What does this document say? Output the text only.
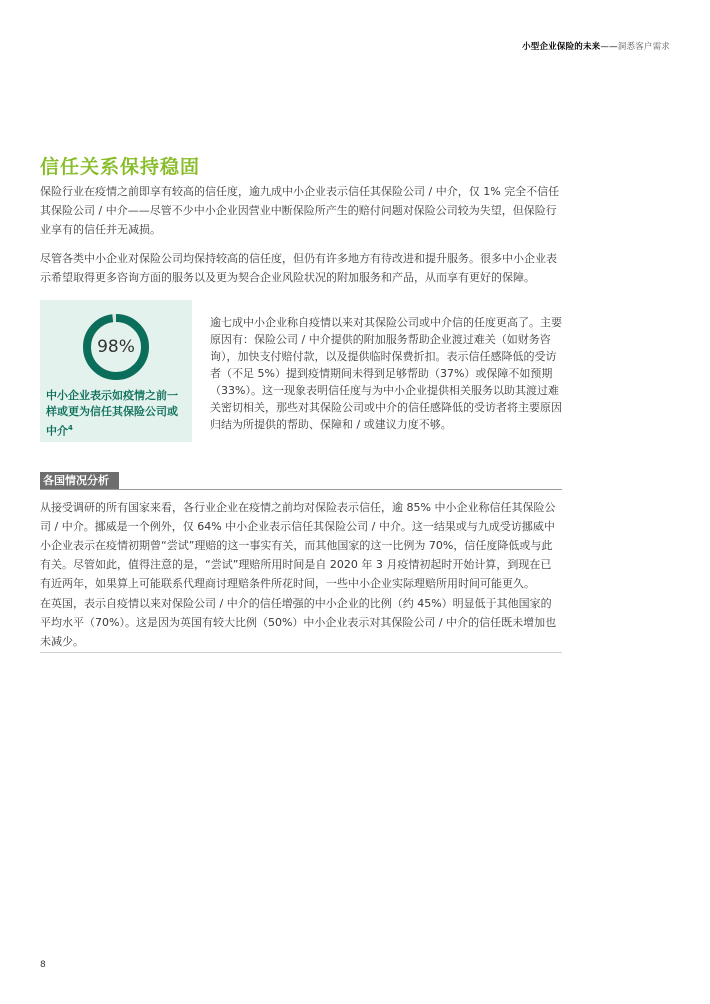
小型企业保险的未来——洞悉客户需求
信任关系保持稳固

保险行业在疫情之前即享有较高的信任度，逾九成中小企业表示信任其保险公司 / 中介，仅 1% 完全不信任其保险公司 / 中介——尽管不少中小企业因营业中断保险所产生的赔付问题对保险公司较为失望，但保险行业享有的信任并无减损。

尽管各类中小企业对保险公司均保持较高的信任度，但仍有许多地方有待改进和提升服务。很多中小企业表示希望取得更多咨询方面的服务以及更为契合企业风险状况的附加服务和产品，从而享有更好的保障。

98%
中小企业表示如疫情之前一样或更为信任其保险公司或中介$^4$

逾七成中小企业称自疫情以来对其保险公司或中介信的任度更高了。主要原因有：保险公司 / 中介提供的附加服务帮助企业渡过难关（如财务咨询），加快支付赔付款，以及提供临时保费折扣。表示信任感降低的受访者（不足 5%）提到疫情期间未得到足够帮助（37%）或保障不如预期（33%）。这一现象表明信任度与为中小企业提供相关服务以助其渡过难关密切相关，那些对其保险公司或中介的信任感降低的受访者将主要原因归结为所提供的帮助、保障和 / 或建议力度不够。

各国情况分析

从接受调研的所有国家来看，各行业企业在疫情之前均对保险表示信任，逾 85% 中小企业称信任其保险公司 / 中介。挪威是一个例外，仅 64% 中小企业表示信任其保险公司 / 中介。这一结果或与九成受访挪威中小企业表示在疫情初期曾“尝试”理赔的这一事实有关，而其他国家的这一比例为 70%，信任度降低或与此有关。尽管如此，值得注意的是，“尝试”理赔所用时间是自 2020 年 3 月疫情初起时开始计算，到现在已有近两年，如果算上可能联系代理商讨理赔条件所花时间，一些中小企业实际理赔所用时间可能更久。

在英国，表示自疫情以来对保险公司 / 中介的信任增强的中小企业的比例（约 45%）明显低于其他国家的平均水平（70%）。这是因为英国有较大比例（50%）中小企业表示对其保险公司 / 中介的信任既未增加也未减少。

8
